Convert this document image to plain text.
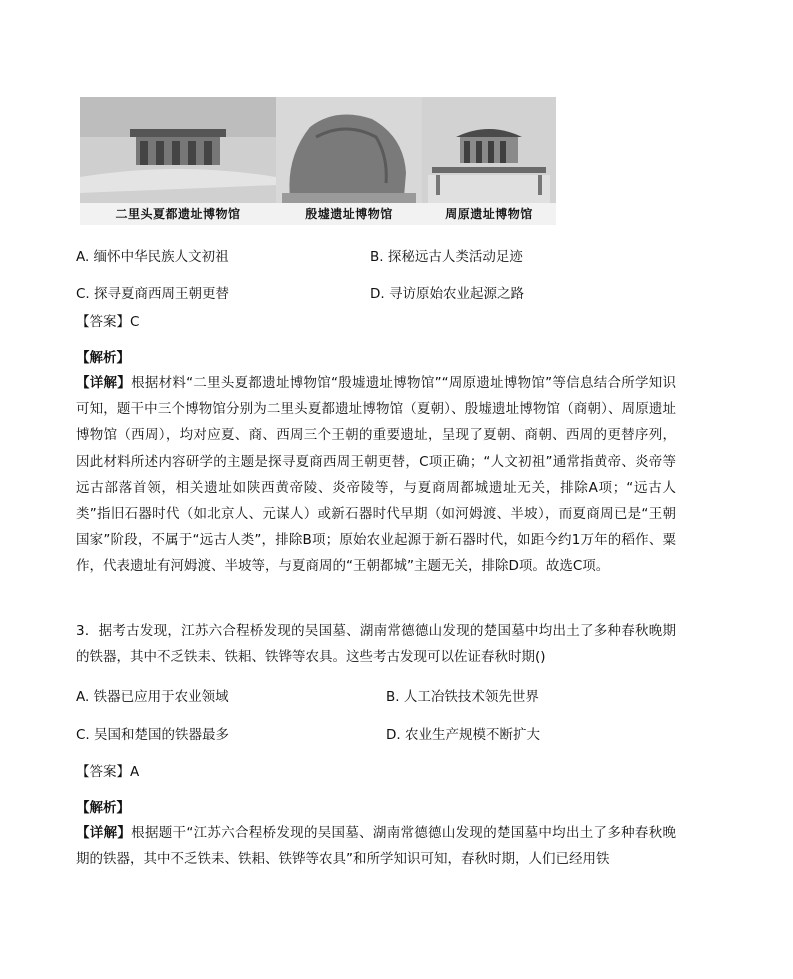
二里头夏都遗址博物馆	殷墟遗址博物馆	周原遗址博物馆
A. 缅怀中华民族人文初祖	B. 探秘远古人类活动足迹
C. 探寻夏商西周王朝更替	D. 寻访原始农业起源之路
【答案】C
【解析】
【详解】根据材料“二里头夏都遗址博物馆“殷墟遗址博物馆”“周原遗址博物馆”等信息结合所学知识可知，题干中三个博物馆分别为二里头夏都遗址博物馆（夏朝）、殷墟遗址博物馆（商朝）、周原遗址博物馆（西周），均对应夏、商、西周三个王朝的重要遗址，呈现了夏朝、商朝、西周的更替序列，因此材料所述内容研学的主题是探寻夏商西周王朝更替，C项正确；“人文初祖”通常指黄帝、炎帝等远古部落首领，相关遗址如陕西黄帝陵、炎帝陵等，与夏商周都城遗址无关，排除A项；“远古人类”指旧石器时代（如北京人、元谋人）或新石器时代早期（如河姆渡、半坡），而夏商周已是“王朝国家”阶段，不属于“远古人类”，排除B项；原始农业起源于新石器时代，如距今约1万年的稻作、粟作，代表遗址有河姆渡、半坡等，与夏商周的“王朝都城”主题无关，排除D项。故选C项。
3．据考古发现，江苏六合程桥发现的吴国墓、湖南常德德山发现的楚国墓中均出土了多种春秋晚期的铁器，其中不乏铁耒、铁耜、铁铧等农具。这些考古发现可以佐证春秋时期()
A. 铁器已应用于农业领域	B. 人工冶铁技术领先世界
C. 吴国和楚国的铁器最多	D. 农业生产规模不断扩大
【答案】A
【解析】
【详解】根据题干“江苏六合程桥发现的吴国墓、湖南常德德山发现的楚国墓中均出土了多种春秋晚期的铁器，其中不乏铁耒、铁耜、铁铧等农具”和所学知识可知，春秋时期，人们已经用铁
